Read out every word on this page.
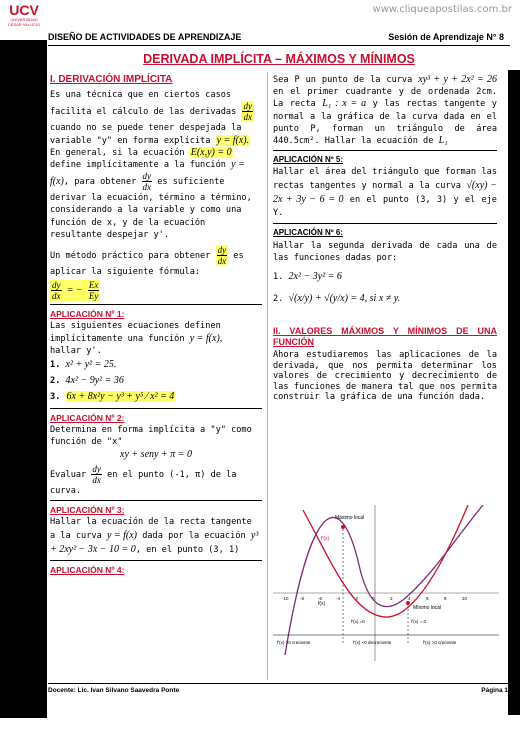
www.cliqueapostilas.com.br
UCV
UNIVERSIDAD
CÉSAR VALLEJO
DISEÑO DE ACTIVIDADES DE APRENDIZAJE	Sesión de Aprendizaje N° 8
DERIVADA IMPLÍCITA – MÁXIMOS Y MÍNIMOS
I. DERIVACIÓN IMPLÍCITA
Es una técnica que en ciertos casos facilita el cálculo de las derivadas $\frac{dy}{dx}$
cuando no se puede tener despejada la variable "y" en forma explícita y = f(x).
En general, si la ecuación E(x,y) = 0 define implícitamente a la función y = f(x), para obtener $\frac{dy}{dx}$ es suficiente derivar la ecuación, término a término, considerando a la variable y como una función de x, y de la ecuación resultante despejar y'.
Un método práctico para obtener $\frac{dy}{dx}$ es aplicar la siguiente fórmula:
$\frac{dy}{dx}$ = − $\frac{Ex}{Ey}$
APLICACIÓN Nº 1:
Las siguientes ecuaciones definen implícitamente una función y = f(x),
hallar y'.
1. x² + y² = 25.
2. 4x² − 9y² = 36
3. 6x + 8x²y − y³ + y⁵ ⁄ x² = 4
APLICACIÓN Nº 2:
Determina en forma implícita a "y" como función de "x"
xy + seny + π = 0
Evaluar $\frac{dy}{dx}$ en el punto (-1, π) de la curva.
APLICACIÓN Nº 3:
Hallar la ecuación de la recta tangente a la curva y = f(x) dada por la ecuación y³ + 2xy² − 3x − 10 = 0, en el punto (3, 1)
APLICACIÓN Nº 4:
Sea P un punto de la curva xy³ + y + 2x² = 26 en el primer cuadrante y de ordenada 2cm. La recta L₁ : x = a y las rectas tangente y normal a la gráfica de la curva dada en el punto P, forman un triángulo de área 440.5cm². Hallar la ecuación de L₁
APLICACIÓN Nº 5:
Hallar el área del triángulo que forman las rectas tangentes y normal a la curva √(xy) − 2x + 3y − 6 = 0 en el punto (3, 3) y el eje Y.
APLICACIÓN Nº 6:
Hallar la segunda derivada de cada una de las funciones dadas por:
1. 2x² − 3y² = 6
2. √(x/y) + √(y/x) = 4, si x ≠ y.
II. VALORES MÁXIMOS Y MÍNIMOS DE UNA FUNCIÓN
Ahora estudiaremos las aplicaciones de la derivada, que nos permita determinar los valores de crecimiento y decrecimiento de las funciones de manera tal que nos permita construir la gráfica de una función dada.
-10	-8	-6	-4	-2	0	2	4	6	8	10
Máximo local
Mínimo local
f(x)
f'(x)
f'(x) =0	f'(x) = 0
f'(x) >0 creciente	f'(x) <0 decreciente	f'(x) >0 creciente
Docente: Lic. Ivan Silvano Saavedra Ponte	Página 1
